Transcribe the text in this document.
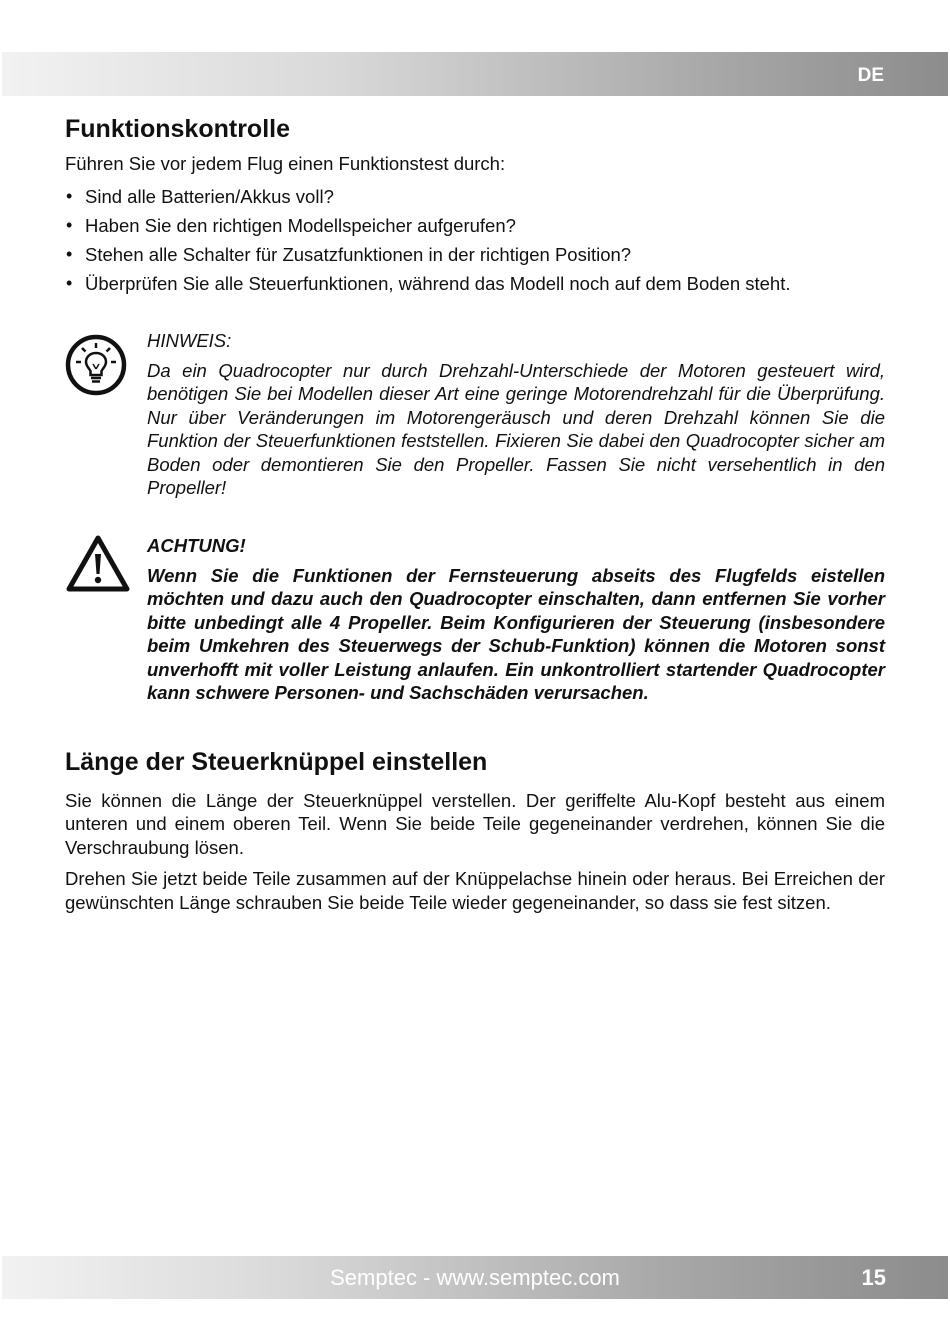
DE
Funktionskontrolle

Führen Sie vor jedem Flug einen Funktionstest durch:

• Sind alle Batterien/Akkus voll?
• Haben Sie den richtigen Modellspeicher aufgerufen?
• Stehen alle Schalter für Zusatzfunktionen in der richtigen Position?
• Überprüfen Sie alle Steuerfunktionen, während das Modell noch auf dem Boden steht.

HINWEIS:

Da ein Quadrocopter nur durch Drehzahl-Unterschiede der Motoren gesteuert wird, benötigen Sie bei Modellen dieser Art eine geringe Motorendrehzahl für die Überprüfung. Nur über Veränderungen im Motorengeräusch und deren Drehzahl können Sie die Funktion der Steuerfunktionen feststellen. Fixieren Sie dabei den Quadrocopter sicher am Boden oder demontieren Sie den Propeller. Fassen Sie nicht versehentlich in den Propeller!

ACHTUNG!

Wenn Sie die Funktionen der Fernsteuerung abseits des Flugfelds eistellen möchten und dazu auch den Quadrocopter einschalten, dann entfernen Sie vorher bitte unbedingt alle 4 Propeller. Beim Konfigurieren der Steuerung (insbesondere beim Umkehren des Steuerwegs der Schub-Funktion) können die Motoren sonst unverhofft mit voller Leistung anlaufen. Ein unkontrolliert startender Quadrocopter kann schwere Personen- und Sachschäden verursachen.

Länge der Steuerknüppel einstellen

Sie können die Länge der Steuerknüppel verstellen. Der geriffelte Alu-Kopf besteht aus einem unteren und einem oberen Teil. Wenn Sie beide Teile gegeneinander verdrehen, können Sie die Verschraubung lösen.

Drehen Sie jetzt beide Teile zusammen auf der Knüppelachse hinein oder heraus. Bei Erreichen der gewünschten Länge schrauben Sie beide Teile wieder gegeneinander, so dass sie fest sitzen.

Semptec - www.semptec.com	15
